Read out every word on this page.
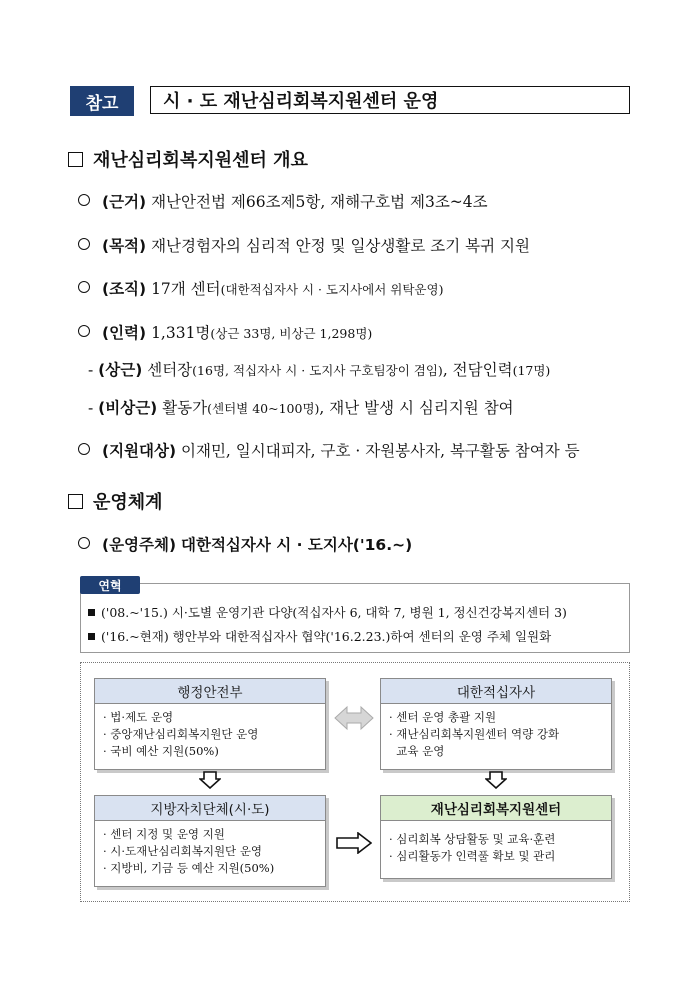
참고	시 · 도 재난심리회복지원센터 운영
재난심리회복지원센터 개요
(근거) 재난안전법 제66조제5항, 재해구호법 제3조~4조
(목적) 재난경험자의 심리적 안정 및 일상생활로 조기 복귀 지원
(조직) 17개 센터(대한적십자사 시 · 도지사에서 위탁운영)
(인력) 1,331명(상근 33명, 비상근 1,298명)
- (상근) 센터장(16명, 적십자사 시 · 도지사 구호팀장이 겸임), 전담인력(17명)
- (비상근) 활동가(센터별 40~100명), 재난 발생 시 심리지원 참여
(지원대상) 이재민, 일시대피자, 구호 · 자원봉사자, 복구활동 참여자 등
운영체계
(운영주체) 대한적십자사 시 · 도지사('16.~)
연혁
('08.~'15.) 시·도별 운영기관 다양(적십자사 6, 대학 7, 병원 1, 정신건강복지센터 3)
('16.~현재) 행안부와 대한적십자사 협약('16.2.23.)하여 센터의 운영 주체 일원화
행정안전부
· 법·제도 운영
· 중앙재난심리회복지원단 운영
· 국비 예산 지원(50%)
대한적십자사
· 센터 운영 총괄 지원
· 재난심리회복지원센터 역량 강화
교육 운영
지방자치단체(시·도)
· 센터 지정 및 운영 지원
· 시·도재난심리회복지원단 운영
· 지방비, 기금 등 예산 지원(50%)
재난심리회복지원센터
· 심리회복 상담활동 및 교육·훈련
· 심리활동가 인력풀 확보 및 관리
